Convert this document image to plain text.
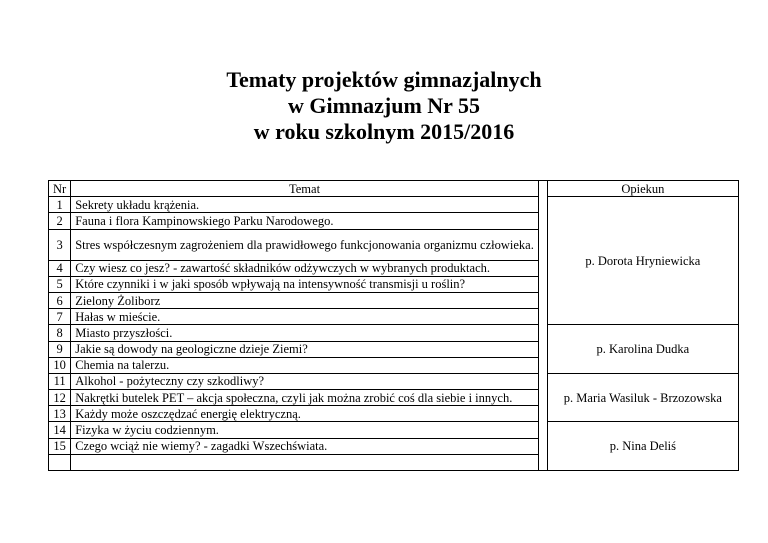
Tematy projektów gimnazjalnych
w Gimnazjum Nr 55
w roku szkolnym 2015/2016
Nr	Temat		Opiekun
1	Sekrety układu krążenia.		p. Dorota Hryniewicka
2	Fauna i flora Kampinowskiego Parku Narodowego.		
3	Stres współczesnym zagrożeniem dla prawidłowego funkcjonowania organizmu człowieka.		
4	Czy wiesz co jesz? - zawartość składników odżywczych w wybranych produktach.		
5	Które czynniki i w jaki sposób wpływają na intensywność transmisji u roślin?		
6	Zielony Żoliborz		
7	Hałas w mieście.		
8	Miasto przyszłości.		p. Karolina Dudka
9	Jakie są dowody na geologiczne dzieje Ziemi?		
10	Chemia na talerzu.		
11	Alkohol - pożyteczny czy szkodliwy?		p. Maria Wasiluk - Brzozowska
12	Nakrętki butelek PET – akcja społeczna, czyli jak można zrobić coś dla siebie i innych.		
13	Każdy może oszczędzać energię elektryczną.		
14	Fizyka w życiu codziennym.		p. Nina Deliś
15	Czego wciąż nie wiemy? - zagadki Wszechświata.		
